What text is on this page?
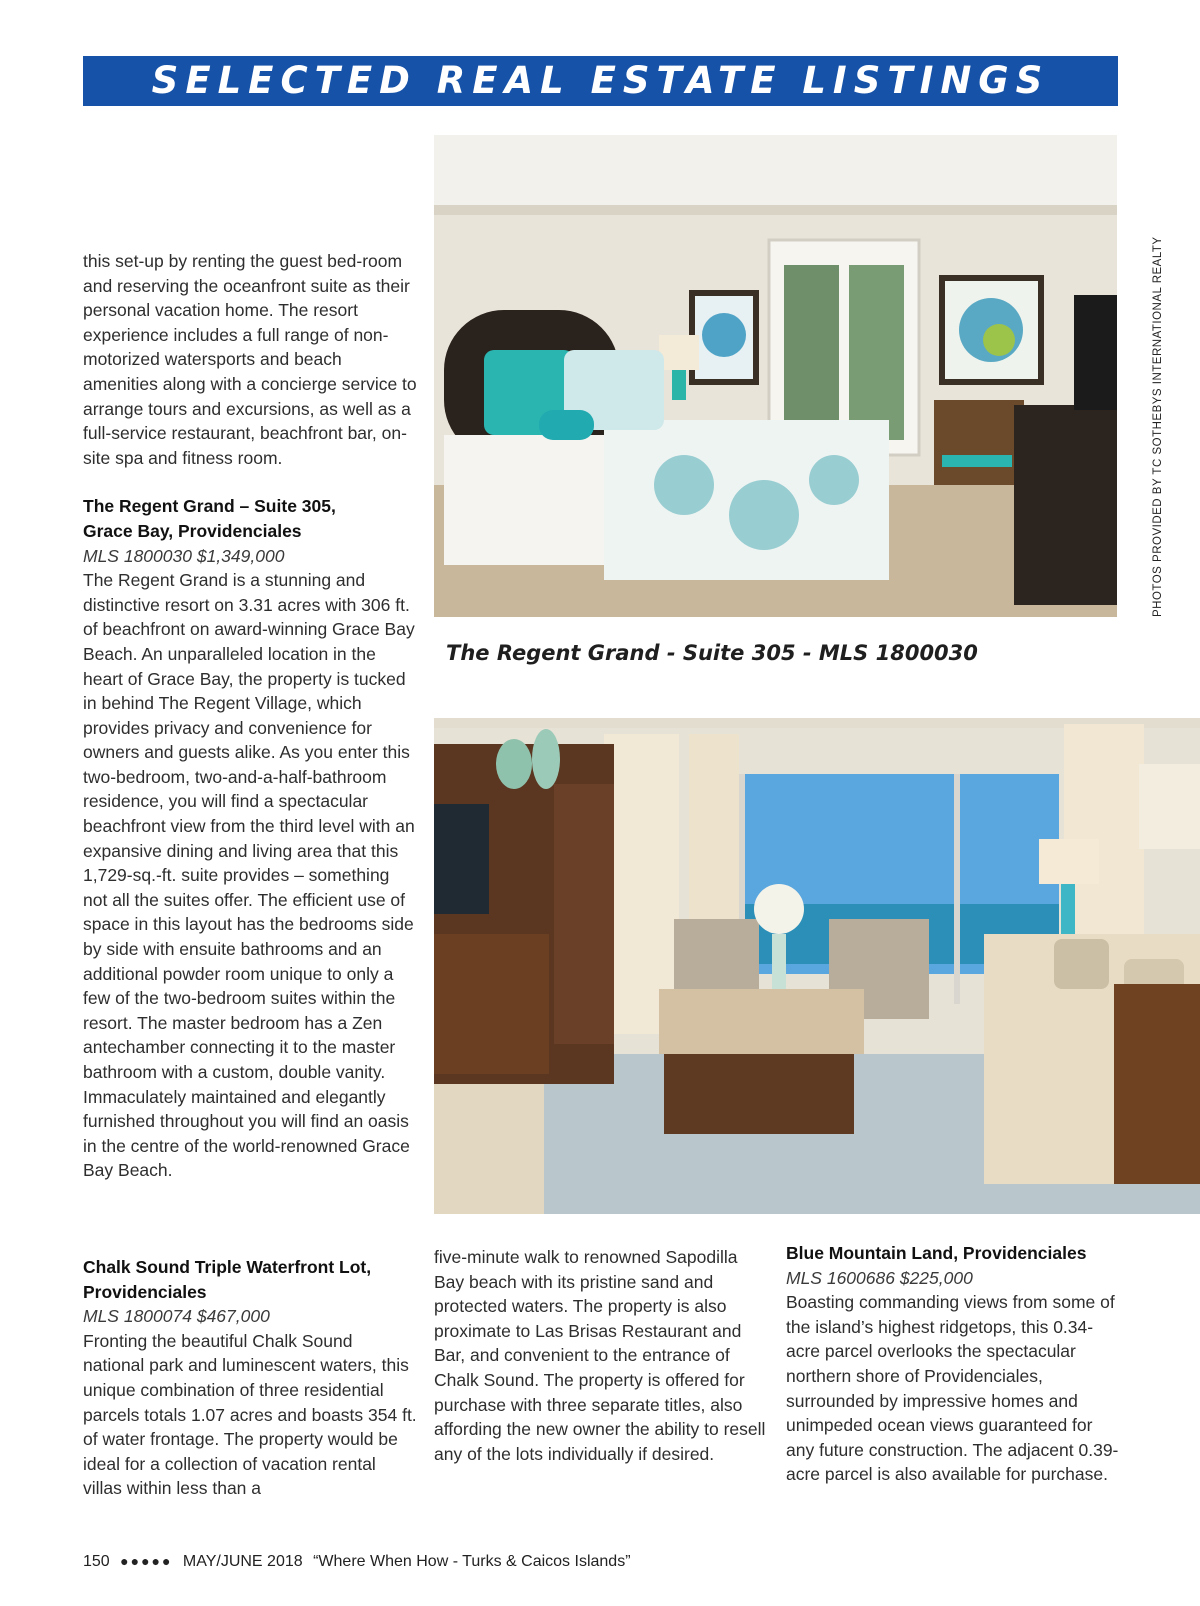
SELECTED REAL ESTATE LISTINGS

this set-up by renting the guest bed-room and reserving the oceanfront suite as their personal vacation home. The resort experience includes a full range of non-motorized watersports and beach amenities along with a concierge service to arrange tours and excursions, as well as a full-service restaurant, beachfront bar, on-site spa and fitness room.

The Regent Grand – Suite 305,

Grace Bay, Providenciales

MLS 1800030 $1,349,000

The Regent Grand is a stunning and distinctive resort on 3.31 acres with 306 ft. of beachfront on award-winning Grace Bay Beach. An unparalleled location in the heart of Grace Bay, the property is tucked in behind The Regent Village, which provides privacy and convenience for owners and guests alike. As you enter this two-bedroom, two-and-a-half-bathroom residence, you will find a spectacular beachfront view from the third level with an expansive dining and living area that this 1,729-sq.-ft. suite provides – something not all the suites offer. The efficient use of space in this layout has the bedrooms side by side with ensuite bathrooms and an additional powder room unique to only a few of the two-bedroom suites within the resort. The master bedroom has a Zen antechamber connecting it to the master bathroom with a custom, double vanity. Immaculately maintained and elegantly furnished throughout you will find an oasis in the centre of the world-renowned Grace Bay Beach.

PHOTOS PROVIDED BY TC SOTHEBYS INTERNATIONAL REALTY
The Regent Grand - Suite 305 - MLS 1800030

Chalk Sound Triple Waterfront Lot,

Providenciales

MLS 1800074 $467,000

Fronting the beautiful Chalk Sound national park and luminescent waters, this unique combination of three residential parcels totals 1.07 acres and boasts 354 ft. of water frontage. The property would be ideal for a collection of vacation rental villas within less than a

five-minute walk to renowned Sapodilla Bay beach with its pristine sand and protected waters. The property is also proximate to Las Brisas Restaurant and Bar, and convenient to the entrance of Chalk Sound. The property is offered for purchase with three separate titles, also affording the new owner the ability to resell any of the lots individually if desired.

Blue Mountain Land, Providenciales

MLS 1600686 $225,000

Boasting commanding views from some of the island’s highest ridgetops, this 0.34-acre parcel overlooks the spectacular northern shore of Providenciales, surrounded by impressive homes and unimpeded ocean views guaranteed for any future construction. The adjacent 0.39-acre parcel is also available for purchase.

150 ●●●●● MAY/JUNE 2018 “Where When How - Turks & Caicos Islands”
